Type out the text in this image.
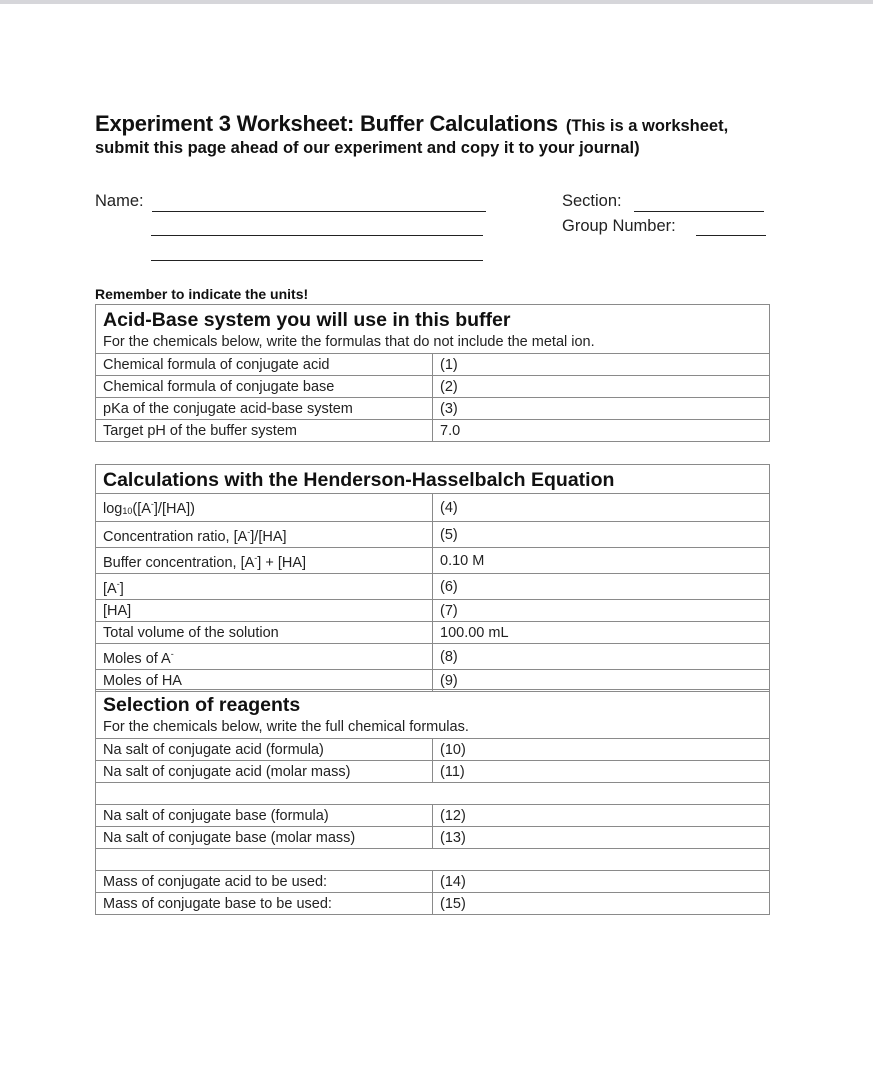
Experiment 3 Worksheet: Buffer Calculations (This is a worksheet,
submit this page ahead of our experiment and copy it to your journal)
Name:	Section:
Group Number:
Remember to indicate the units!
Acid-Base system you will use in this buffer
For the chemicals below, write the formulas that do not include the metal ion.	

Chemical formula of conjugate acid	(1)
Chemical formula of conjugate base	(2)
pKa of the conjugate acid-base system	(3)
Target pH of the buffer system	7.0
Calculations with the Henderson-Hasselbalch Equation	

$\log_{10}([A^-]/[HA])$	(4)
Concentration ratio, [A-]/[HA]	(5)
Buffer concentration, [A-] + [HA]	0.10 M
[A-]	(6)
[HA]	(7)
Total volume of the solution	100.00 mL
Moles of A-	(8)
Moles of HA	(9)
Selection of reagents
For the chemicals below, write the full chemical formulas.	

Na salt of conjugate acid (formula)	(10)
Na salt of conjugate acid (molar mass)	(11)

Na salt of conjugate base (formula)	(12)
Na salt of conjugate base (molar mass)	(13)

Mass of conjugate acid to be used:	(14)
Mass of conjugate base to be used:	(15)
